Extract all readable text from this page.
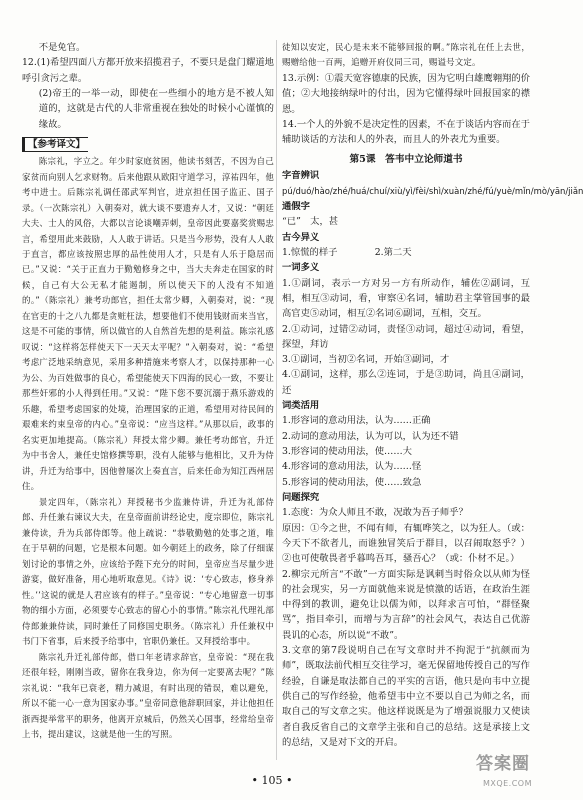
不是免官。

12.(1)希望四面八方都开放来招揽君子，不要只是盘门耀道地呼引贪污之辈。

(2)帝王的一举一动，即使在一些细小的地方是不被人知道的，这就是古代的人非常重视在独处的时候小心谨慎的缘故。

【参考译文】

陈宗礼，字立之。年少时家庭贫困，他读书刻苦，不因为自己家贫而向别人乞求财物。后来他跟从欧阳守道学习，淳祐四年，他考中进士。后陈宗礼调任邵武军判官，进京担任国子监正、国子录。（一次陈宗礼）入朝奏对，就大谈不要遗弃人才，又说：“朝廷大夫、士人的风俗，大都以言论谈嘲弄刺，皇帝因此要嘉奖赏赐忠言，希望用此来鼓励，人人敢于讲话。只是当今形势，没有人人敢于直言，都应该按照忠厚的品性使用人才，只是有人乐于隐居而已。”又说：“关于正直力于勤勉修身之中，当大夫奔走在国家的时候，自己有大公无私才能遏制，所以使天下的人没有不知道的。”（陈宗礼）兼考功郎官，担任太常少卿，入朝奏对，说：“现在官吏的十之八九都是贪赃枉法，想要他们不使用钱财而来当官，这是不可能的事情，所以做官的人自然首先想的是利益。陈宗礼感叹说：“这样将怎样使天下一天天太平呢？”入朝奏对，说：“希望考虑广泛地采纳意见，采用多种措施来考察人才，以保持那种一心为公、为百姓做事的良心，希望能使天下四海的民心一致，不要让那些奸邪的小人得到任用。”又说：“陛下您不要沉溺于燕乐游戏的乐趣，希望考虑国家的处境，治理国家的正道，希望用对待民间的艰难来约束皇帝的内心。”皇帝说：“应当这样。”从那以后，政事的名实更加地提高。（陈宗礼）拜授太常少卿。兼任考功郎官，升迁为中书舍人，兼任史馆修撰等职，没有人能够与他相比，又升为侍讲，升迁为给事中，因他曾屡次上奏直言，后来任命为知江西州居住。

景定四年，（陈宗礼）拜授秘书少监兼侍讲，升迁为礼部侍郎、升任兼右谏议大夫，在皇帝面前讲经论史，度宗即位，陈宗礼兼侍读，升为兵部侍郎等。他上疏说：“恭敬勤勉的处事之道，唯在于早朝的问题，它是根本问题。如今朝廷上的政务，除了仔细谋划讨论的事情之外，应该给予陛下充分的时间，皇帝应当尽量少进游宴，做好准备，用心地听取意见。《诗》说：‘专心致志，修身养性。’’这说的就是人君应该有的样子。”皇帝说：“专心地留意一切事物的细小方面，必须要专心致志的留心小的事情。”陈宗礼代理礼部侍郎兼兼侍读，同时兼任了同修国史职务。（陈宗礼）升任兼权中书门下省事，后来授予给事中，官职仍兼任。又拜授给事中。

陈宗礼升迁礼部侍郎，借口年老请求辞官，皇帝说：“现在我还很年轻，刚刚当政，留你在我身边，你为何一定要离去呢？”陈宗礼说：“我年已衰老，精力减退，有时出现的错误，难以避免，所以不能一心一意为国家办事。”皇帝同意他辞职回家，并让他担任浙西提举常平的职务，他离开京城后，仍然关心国事，经常给皇帝上书，提出建议，这就是他一生的写照。

徒知以安定，民心是未来不能够回报的啊。”陈宗礼在任上去世，赐赠给他一百两，追赠开府仪同三司，赐谥号文定。

13.示例：①震天宽容德康的民族，因为它明白雄鹰翱翔的价值；②大地接纳绿叶的付出，因为它懂得绿叶回报国家的襟恩。

14.一个人的外貌不是决定性的因素，不在于谈话内容而在于辅助谈话的方法和人的外表，而且人的外表尤为重要。

第5课　答韦中立论师道书
字音辨识

pú/duó/hào/zhé/huá/chuí/xiù/yì/fèi/shì/xuàn/zhé/fú/yuè/mǐn/mò/yān/jiǎn

通假字

“已”　太，甚

古今异义

1.惊慌的样子　　　　2.第二天

一词多义

1.①副词，表示一方对另一方有所动作，辅佐②副词，互相，相互③动词，看，审察④名词，辅助君主掌管国事的最高官吏⑤动词，相互②名词⑥副词，互相，交互。

2.①动词，过错②动词，责怪③动词，超过④动词，看望，探望，拜访

3.①副词，当初②名词，开始③副词，才

4.①副词，这样，那么②连词，于是③助词，尚且④副词，还

词类活用

1.形容词的意动用法，认为……正确

2.动词的意动用法，认为可以，认为还不错

3.形容词的使动用法，使……大

4.形容词的意动用法，认为……怪

5.形容词的使动用法，使……致急

问题探究

1.态度：为众人师且不敢，况敢为吾子师乎？

原因：①今之世，不闻有师，有辄哗笑之，以为狂人。（或：今天下不欲者儿，而谁独冒笑后于群目，以召闹取怒乎？）②也可使敬畏者乎暮鸣吾耳，骚吾心？（或：仆材不足。）

2.柳宗元所言“不敢”一方面实际是讽刺当时俗众以从师为怪的社会现实，另一方面就他来说是愤激的话语，在政治生涯中得到的教训，避免让以儒为师，以拜求言可怕，“群怪聚骂”，指目牵引，而增与为言辞”的社会风气，表达自己优游畏讥的心态，所以说“不敢”。

3.文章的第7段说明自己在写文章时并不拘泥于“抗颜而为师”，既取法前代相互交往学习，毫无保留地传授自己的写作经验，自谦是取法都自己的平实的言语，他只是向韦中立提供自己的写作经验，他希望韦中立不要以自己为师之名，而取自己的写文章之实。他这样说既是为了增强说服力又使读者自我反省自己的文章学主张和自己的总结。这是承接上文的总结，又是对下文的开启。

• 105 •
答案圈
MXQE.COM
